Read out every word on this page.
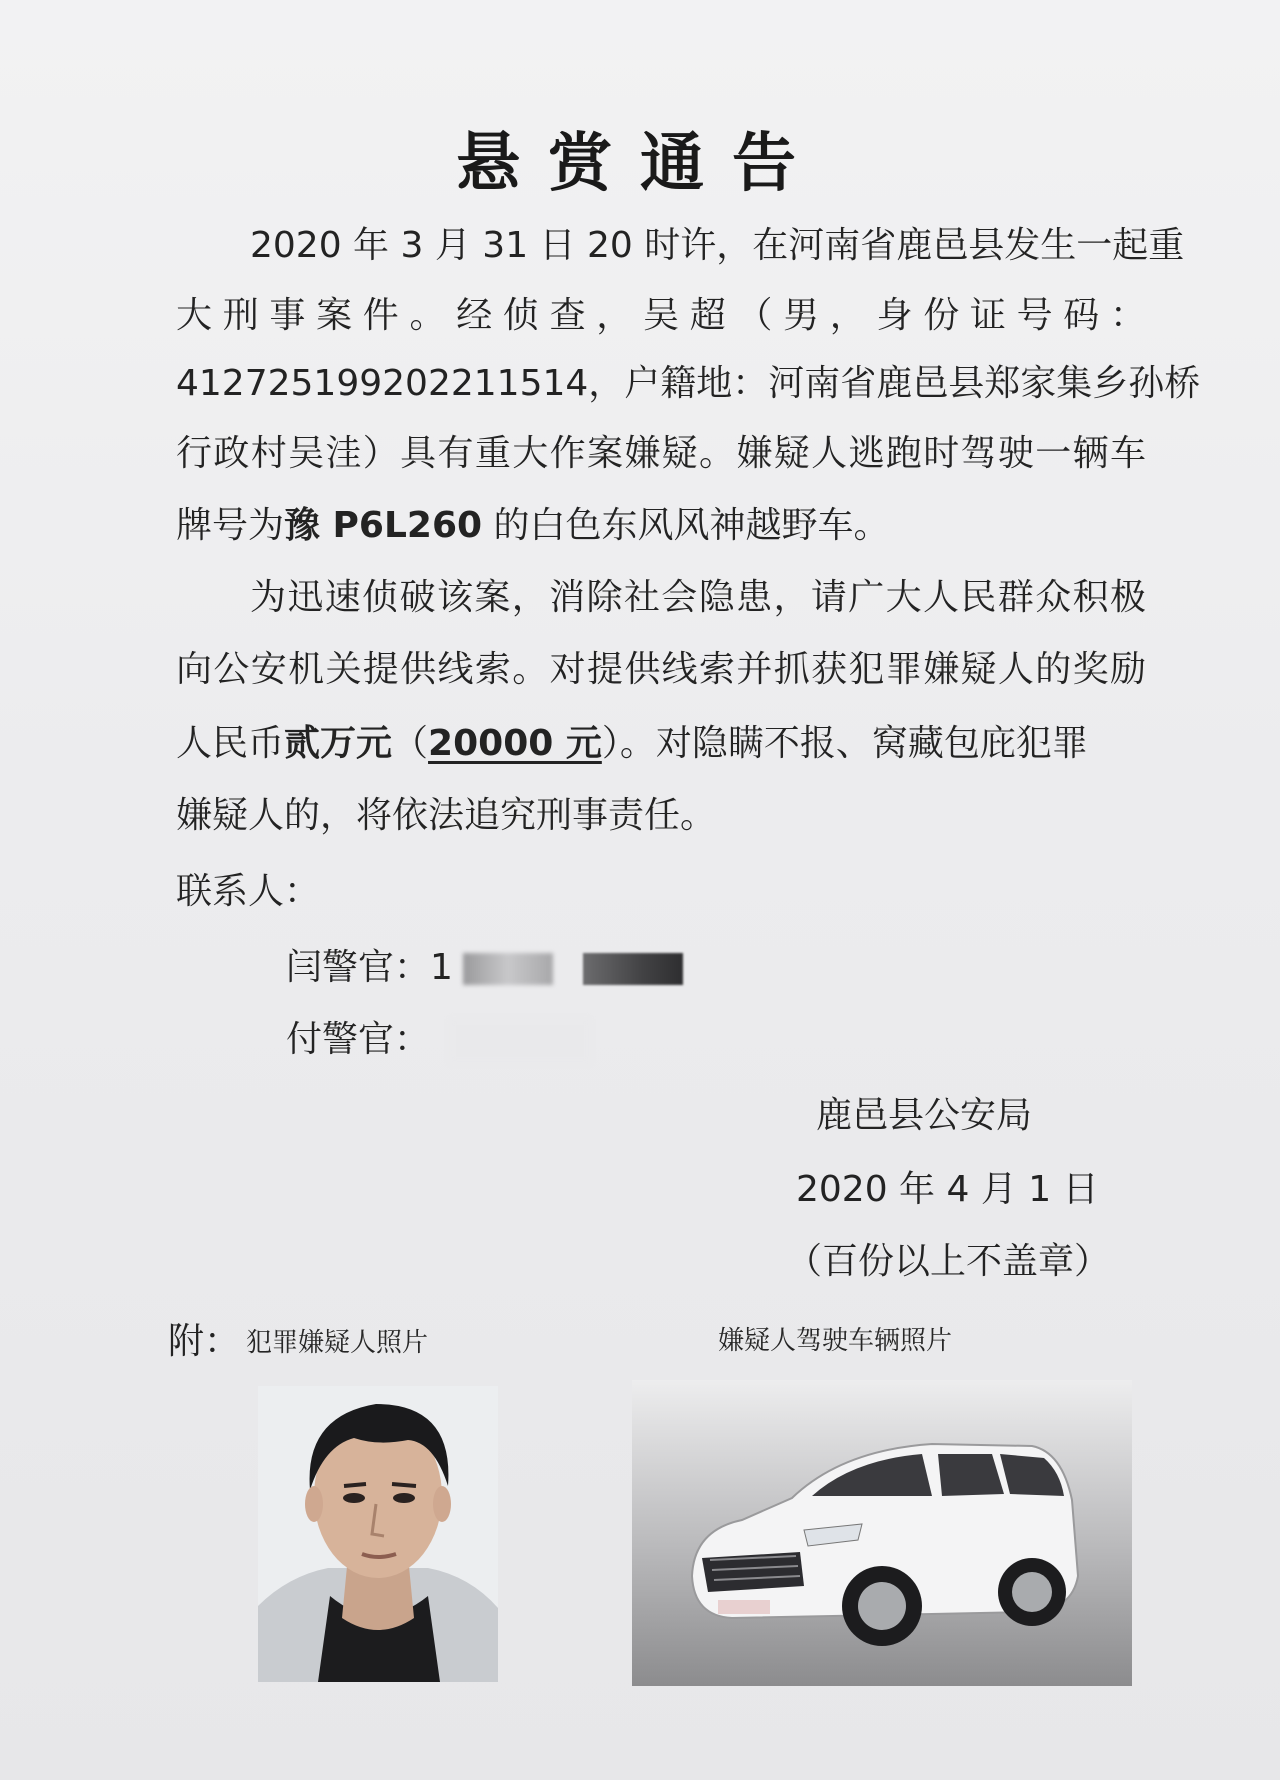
悬赏通告
2020 年 3 月 31 日 20 时许，在河南省鹿邑县发生一起重
大刑事案件。经侦查，吴超（男，身份证号码：
412725199202211514，户籍地：河南省鹿邑县郑家集乡孙桥
行政村吴洼）具有重大作案嫌疑。嫌疑人逃跑时驾驶一辆车
牌号为豫 P6L260 的白色东风风神越野车。
为迅速侦破该案，消除社会隐患，请广大人民群众积极
向公安机关提供线索。对提供线索并抓获犯罪嫌疑人的奖励
人民币贰万元（20000 元）。对隐瞒不报、窝藏包庇犯罪
嫌疑人的，将依法追究刑事责任。
联系人：
闫警官：1
付警官：
鹿邑县公安局
2020 年 4 月 1 日
（百份以上不盖章）
附： 犯罪嫌疑人照片	嫌疑人驾驶车辆照片
